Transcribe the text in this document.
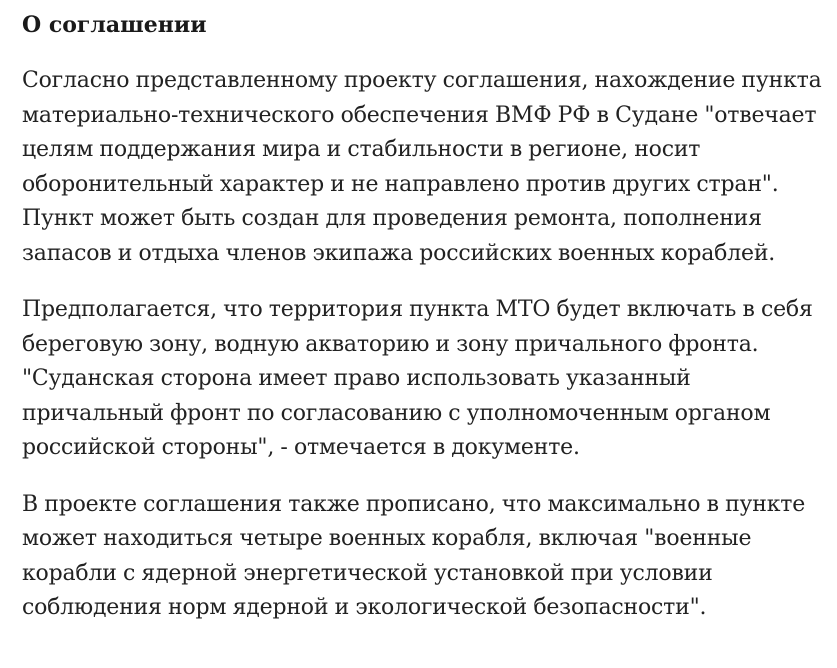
О соглашении

Согласно представленному проекту соглашения, нахождение пункта
материально-технического обеспечения ВМФ РФ в Судане "отвечает
целям поддержания мира и стабильности в регионе, носит
оборонительный характер и не направлено против других стран".
Пункт может быть создан для проведения ремонта, пополнения
запасов и отдыха членов экипажа российских военных кораблей.

Предполагается, что территория пункта МТО будет включать в себя
береговую зону, водную акваторию и зону причального фронта.
"Суданская сторона имеет право использовать указанный
причальный фронт по согласованию с уполномоченным органом
российской стороны", - отмечается в документе.

В проекте соглашения также прописано, что максимально в пункте
может находиться четыре военных корабля, включая "военные
корабли с ядерной энергетической установкой при условии
соблюдения норм ядерной и экологической безопасности".
